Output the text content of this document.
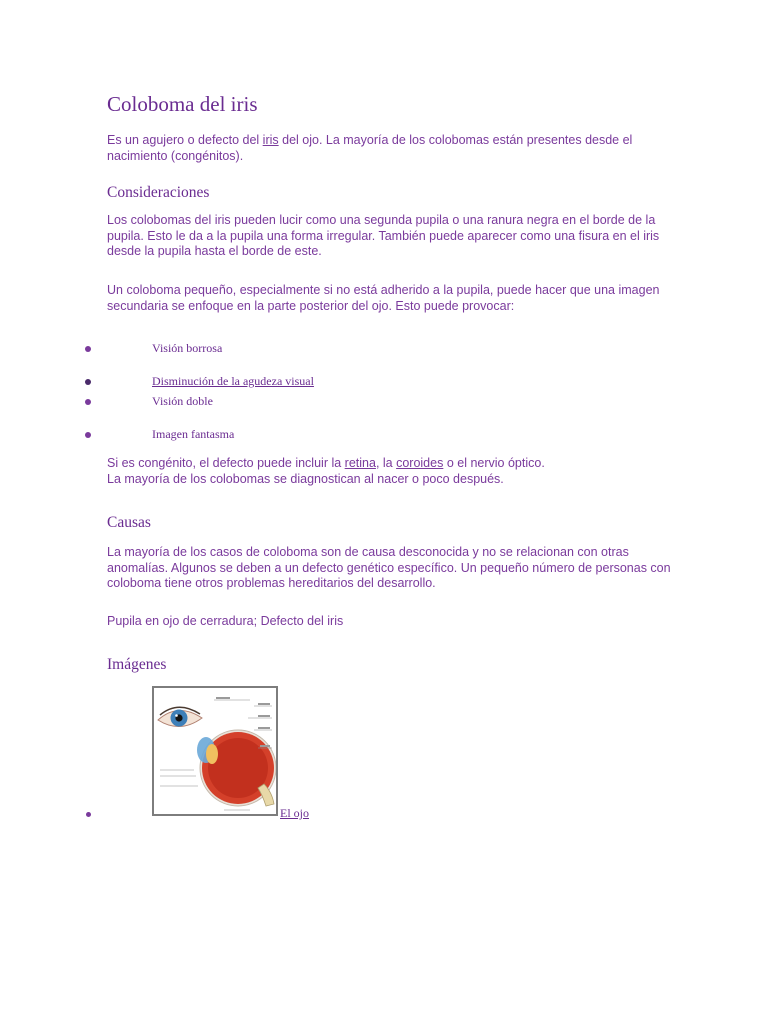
Coloboma del iris

Es un agujero o defecto del iris del ojo. La mayoría de los colobomas están presentes desde el nacimiento (congénitos).

Consideraciones

Los colobomas del iris pueden lucir como una segunda pupila o una ranura negra en el borde de la pupila. Esto le da a la pupila una forma irregular. También puede aparecer como una fisura en el iris desde la pupila hasta el borde de este.

Un coloboma pequeño, especialmente si no está adherido a la pupila, puede hacer que una imagen secundaria se enfoque en la parte posterior del ojo. Esto puede provocar:

Visión borrosa
Disminución de la agudeza visual
Visión doble
Imagen fantasma

Si es congénito, el defecto puede incluir la retina, la coroides o el nervio óptico.
La mayoría de los colobomas se diagnostican al nacer o poco después.

Causas

La mayoría de los casos de coloboma son de causa desconocida y no se relacionan con otras anomalías. Algunos se deben a un defecto genético específico. Un pequeño número de personas con coloboma tiene otros problemas hereditarios del desarrollo.

Pupila en ojo de cerradura; Defecto del iris

Imágenes
El ojo
